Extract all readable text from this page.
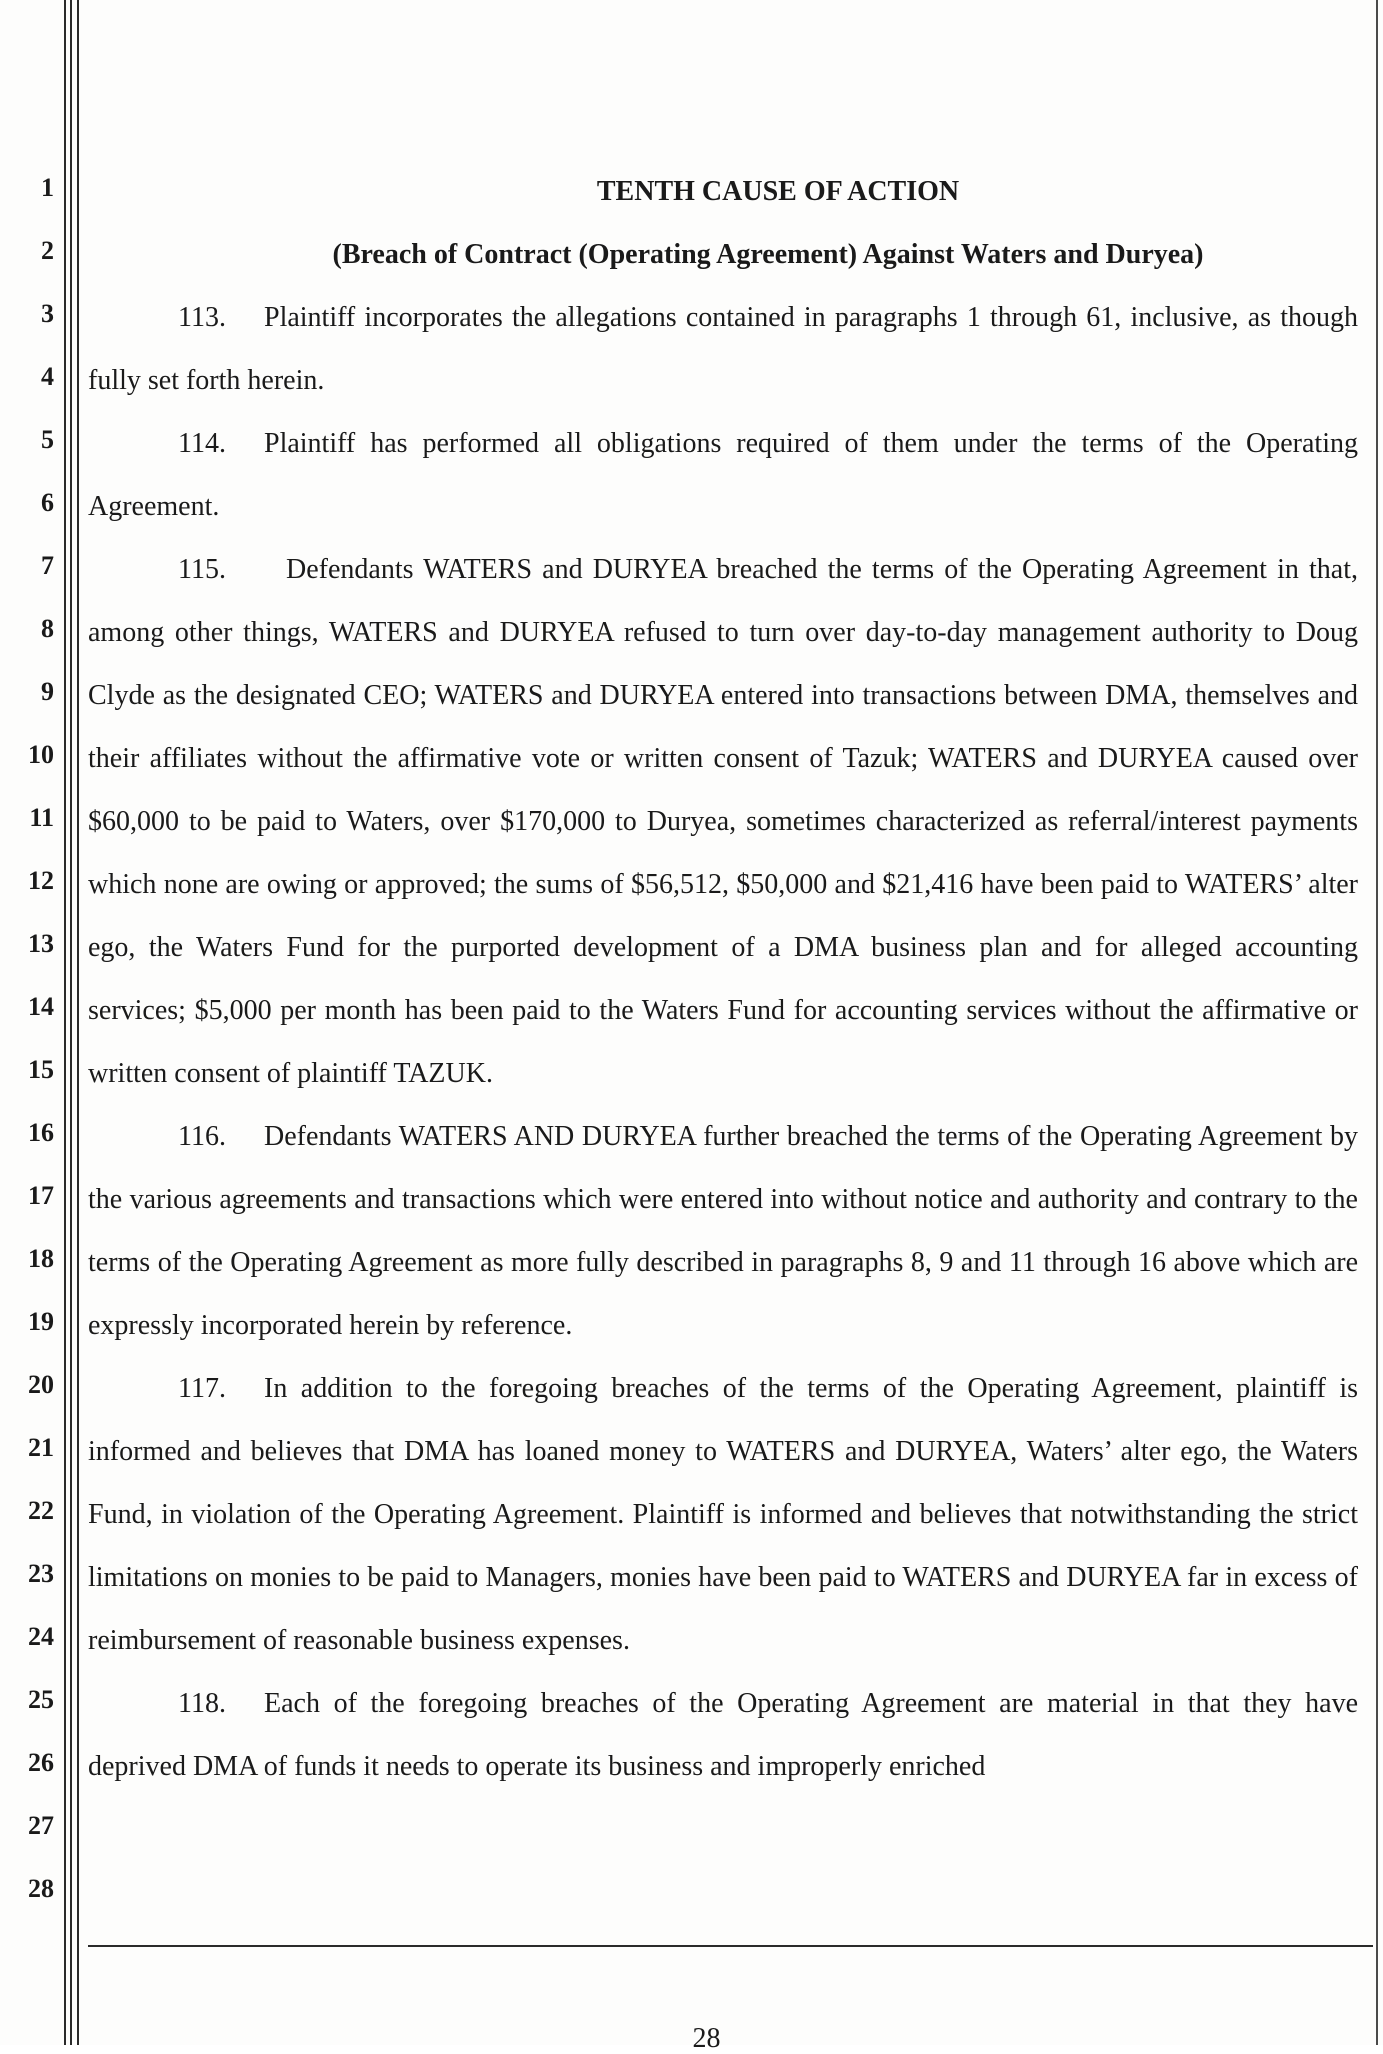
1
2
3
4
5
6
7
8
9
10
11
12
13
14
15
16
17
18
19
20
21
22
23
24
25
26
27
28

TENTH CAUSE OF ACTION

(Breach of Contract (Operating Agreement) Against Waters and Duryea)

113. Plaintiff incorporates the allegations contained in paragraphs 1 through 61, inclusive, as though fully set forth herein.

114. Plaintiff has performed all obligations required of them under the terms of the Operating Agreement.

115. Defendants WATERS and DURYEA breached the terms of the Operating Agreement in that, among other things, WATERS and DURYEA refused to turn over day-to-day management authority to Doug Clyde as the designated CEO; WATERS and DURYEA entered into transactions between DMA, themselves and their affiliates without the affirmative vote or written consent of Tazuk; WATERS and DURYEA caused over $60,000 to be paid to Waters, over $170,000 to Duryea, sometimes characterized as referral/interest payments which none are owing or approved; the sums of $56,512, $50,000 and $21,416 have been paid to WATERS’ alter ego, the Waters Fund for the purported development of a DMA business plan and for alleged accounting services; $5,000 per month has been paid to the Waters Fund for accounting services without the affirmative or written consent of plaintiff TAZUK.

116. Defendants WATERS AND DURYEA further breached the terms of the Operating Agreement by the various agreements and transactions which were entered into without notice and authority and contrary to the terms of the Operating Agreement as more fully described in paragraphs 8, 9 and 11 through 16 above which are expressly incorporated herein by reference.

117. In addition to the foregoing breaches of the terms of the Operating Agreement, plaintiff is informed and believes that DMA has loaned money to WATERS and DURYEA, Waters’ alter ego, the Waters Fund, in violation of the Operating Agreement. Plaintiff is informed and believes that notwithstanding the strict limitations on monies to be paid to Managers, monies have been paid to WATERS and DURYEA far in excess of reimbursement of reasonable business expenses.

118. Each of the foregoing breaches of the Operating Agreement are material in that they have deprived DMA of funds it needs to operate its business and improperly enriched

28
